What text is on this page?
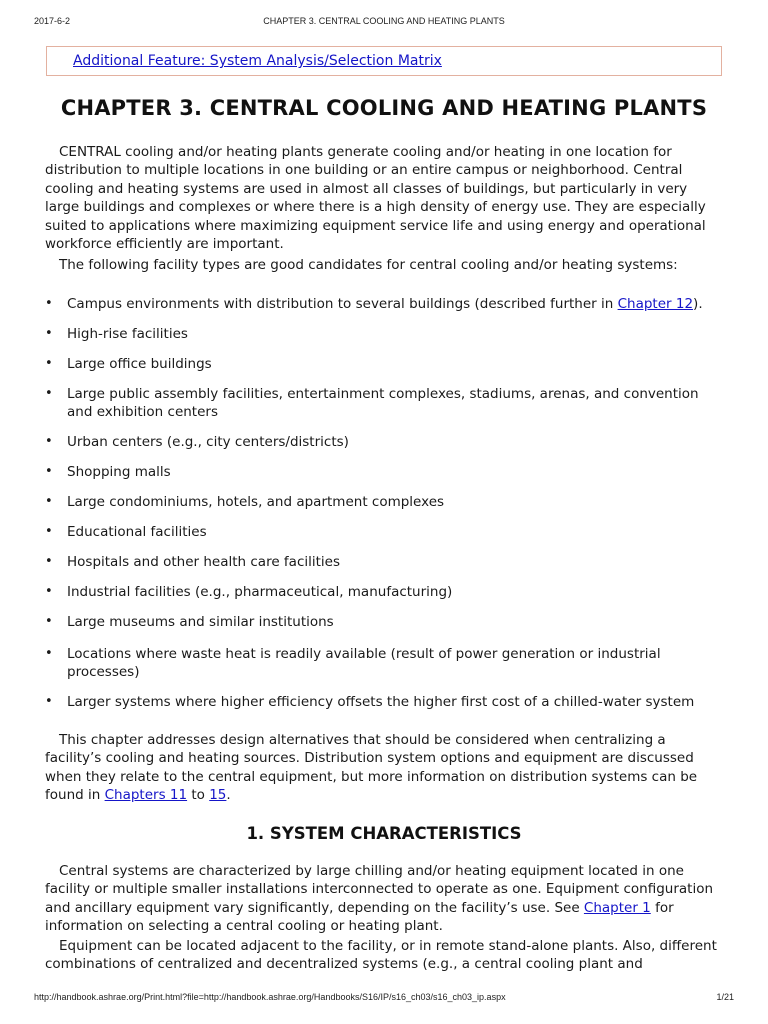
2017-6-2	CHAPTER 3. CENTRAL COOLING AND HEATING PLANTS
Additional Feature: System Analysis/Selection Matrix
CHAPTER 3. CENTRAL COOLING AND HEATING PLANTS

CENTRAL cooling and/or heating plants generate cooling and/or heating in one location for distribution to multiple locations in one building or an entire campus or neighborhood. Central cooling and heating systems are used in almost all classes of buildings, but particularly in very large buildings and complexes or where there is a high density of energy use. They are especially suited to applications where maximizing equipment service life and using energy and operational workforce efficiently are important.

The following facility types are good candidates for central cooling and/or heating systems:

• Campus environments with distribution to several buildings (described further in Chapter 12).
• High-rise facilities
• Large office buildings
• Large public assembly facilities, entertainment complexes, stadiums, arenas, and convention and exhibition centers
• Urban centers (e.g., city centers/districts)
• Shopping malls
• Large condominiums, hotels, and apartment complexes
• Educational facilities
• Hospitals and other health care facilities
• Industrial facilities (e.g., pharmaceutical, manufacturing)
• Large museums and similar institutions
• Locations where waste heat is readily available (result of power generation or industrial processes)
• Larger systems where higher efficiency offsets the higher first cost of a chilled-water system

This chapter addresses design alternatives that should be considered when centralizing a facility’s cooling and heating sources. Distribution system options and equipment are discussed when they relate to the central equipment, but more information on distribution systems can be found in Chapters 11 to 15.

1. SYSTEM CHARACTERISTICS

Central systems are characterized by large chilling and/or heating equipment located in one facility or multiple smaller installations interconnected to operate as one. Equipment configuration and ancillary equipment vary significantly, depending on the facility’s use. See Chapter 1 for information on selecting a central cooling or heating plant.

Equipment can be located adjacent to the facility, or in remote stand-alone plants. Also, different combinations of centralized and decentralized systems (e.g., a central cooling plant and

http://handbook.ashrae.org/Print.html?file=http://handbook.ashrae.org/Handbooks/S16/IP/s16_ch03/s16_ch03_ip.aspx	1/21
